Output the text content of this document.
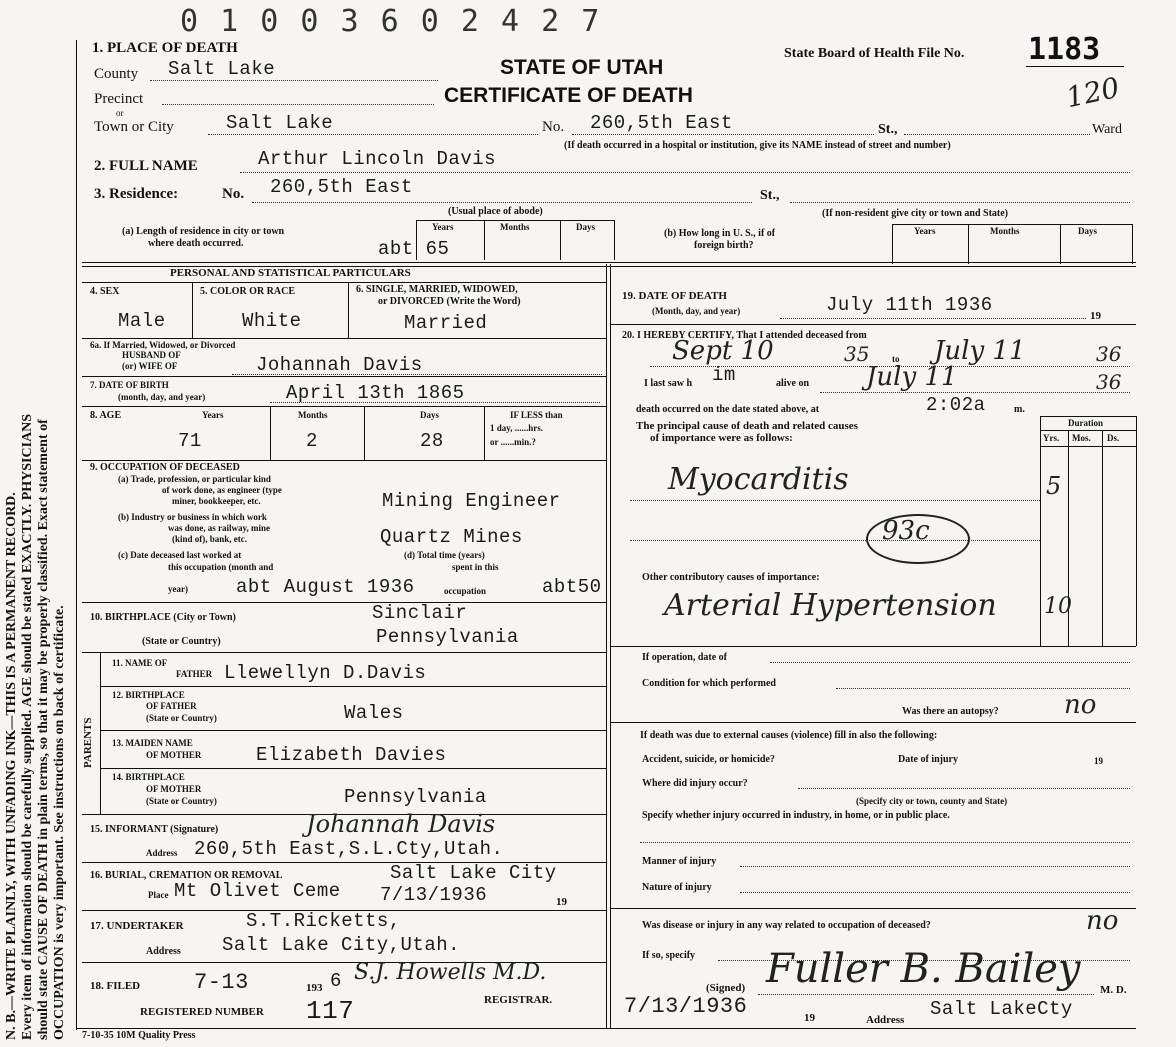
0 1 0 0 3 6 0 2 4 2 7
N. B.—WRITE PLAINLY, WITH UNFADING INK—THIS IS A PERMANENT RECORD. Every item of information should be carefully supplied. AGE should be stated EXACTLY. PHYSICIANS should state CAUSE OF DEATH in plain terms, so that it may be properly classified. Exact statement of OCCUPATION is very important. See instructions on back of certificate.
1. PLACE OF DEATH
STATE OF UTAH
CERTIFICATE OF DEATH
State Board of Health File No. 1183
120
County Salt Lake
Precinct
or
Town or City	Salt Lake	No. 260,5th East	St.,	Ward
(If death occurred in a hospital or institution, give its NAME instead of street and number)
2. FULL NAME	Arthur Lincoln Davis
3. Residence:	No. 260,5th East	St.,
(Usual place of abode)	(If non-resident give city or town and State)
(a) Length of residence in city or town
where death occurred.
Years	Months	Days
abt 65
(b) How long in U. S., if of
foreign birth?
Years	Months	Days
PERSONAL AND STATISTICAL PARTICULARS
4. SEX
Male
5. COLOR OR RACE
White
6. SINGLE, MARRIED, WIDOWED,
or DIVORCED (Write the Word)
Married
6a. If Married, Widowed, or Divorced
HUSBAND OF
(or) WIFE OF	Johannah Davis
7. DATE OF BIRTH
(month, day, and year)	April 13th 1865
8. AGE	Years	Months	Days
71	2	28
IF LESS than
1 day, ......hrs.
or ......min.?
9. OCCUPATION OF DECEASED
(a) Trade, profession, or particular kind
of work done, as engineer (type
miner, bookkeeper, etc.	Mining Engineer
(b) Industry or business in which work
was done, as railway, mine
(kind of), bank, etc.	Quartz Mines
(c) Date deceased last worked at
this occupation (month and
year)
(d) Total time (years)
spent in this
occupation
abt August 1936	abt50
10. BIRTHPLACE (City or Town)	Sinclair
(State or Country)	Pennsylvania
PARENTS
11. NAME OF
FATHER Llewellyn D.Davis
12. BIRTHPLACE
OF FATHER
(State or Country)	Wales
13. MAIDEN NAME
OF MOTHER	Elizabeth Davies
14. BIRTHPLACE
OF MOTHER
(State or Country)	Pennsylvania
15. INFORMANT (Signature)	Johannah Davis
Address 260,5th East,S.L.Cty,Utah.
16. BURIAL, CREMATION OR REMOVAL	Salt Lake City
Place Mt Olivet Ceme 7/13/1936	19
17. UNDERTAKER	S.T.Ricketts,
Address Salt Lake City,Utah.
18. FILED 7-13	193 6 S.J. Howells M.D.
REGISTRAR.
REGISTERED NUMBER 117
19. DATE OF DEATH
(Month, day, and year)	July 11th 1936	19
20. I HEREBY CERTIFY, That I attended deceased from
Sept 10	35	to July 11	36
I last saw h im	alive on July 11	36
death occurred on the date stated above, at	2:02a	m.
The principal cause of death and related causes
of importance were as follows:
Duration
Yrs. Mos. Ds.
Myocarditis	5
93c
Other contributory causes of importance:
Arterial Hypertension 10
If operation, date of
Condition for which performed
Was there an autopsy?	no
If death was due to external causes (violence) fill in also the following:
Accident, suicide, or homicide?	Date of injury	19
Where did injury occur?
(Specify city or town, county and State)
Specify whether injury occurred in industry, in home, or in public place.
Manner of injury
Nature of injury
Was disease or injury in any way related to occupation of deceased?	no
If so, specify
(Signed) Fuller B. Bailey M. D.
7/13/1936	19	Address Salt LakeCty
7-10-35 10M Quality Press
